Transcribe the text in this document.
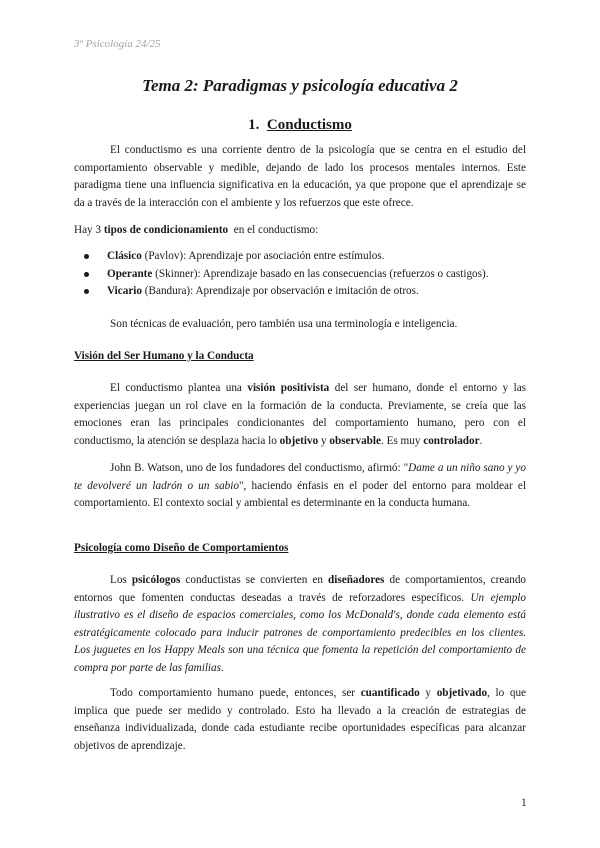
3º Psicología 24/25
Tema 2: Paradigmas y psicología educativa 2
1. Conductismo

El conductismo es una corriente dentro de la psicología que se centra en el estudio del comportamiento observable y medible, dejando de lado los procesos mentales internos. Este paradigma tiene una influencia significativa en la educación, ya que propone que el aprendizaje se da a través de la interacción con el ambiente y los refuerzos que este ofrece.

Hay 3 tipos de condicionamiento en el conductismo:

Clásico (Pavlov): Aprendizaje por asociación entre estímulos.
Operante (Skinner): Aprendizaje basado en las consecuencias (refuerzos o castigos).
Vicario (Bandura): Aprendizaje por observación e imitación de otros.

Son técnicas de evaluación, pero también usa una terminología e inteligencia.

Visión del Ser Humano y la Conducta

El conductismo plantea una visión positivista del ser humano, donde el entorno y las experiencias juegan un rol clave en la formación de la conducta. Previamente, se creía que las emociones eran las principales condicionantes del comportamiento humano, pero con el conductismo, la atención se desplaza hacia lo objetivo y observable. Es muy controlador.

John B. Watson, uno de los fundadores del conductismo, afirmó: "Dame a un niño sano y yo te devolveré un ladrón o un sabio", haciendo énfasis en el poder del entorno para moldear el comportamiento. El contexto social y ambiental es determinante en la conducta humana.

Psicología como Diseño de Comportamientos

Los psicólogos conductistas se convierten en diseñadores de comportamientos, creando entornos que fomenten conductas deseadas a través de reforzadores específicos. Un ejemplo ilustrativo es el diseño de espacios comerciales, como los McDonald's, donde cada elemento está estratégicamente colocado para inducir patrones de comportamiento predecibles en los clientes. Los juguetes en los Happy Meals son una técnica que fomenta la repetición del comportamiento de compra por parte de las familias.

Todo comportamiento humano puede, entonces, ser cuantificado y objetivado, lo que implica que puede ser medido y controlado. Esto ha llevado a la creación de estrategias de enseñanza individualizada, donde cada estudiante recibe oportunidades específicas para alcanzar objetivos de aprendizaje.

1
